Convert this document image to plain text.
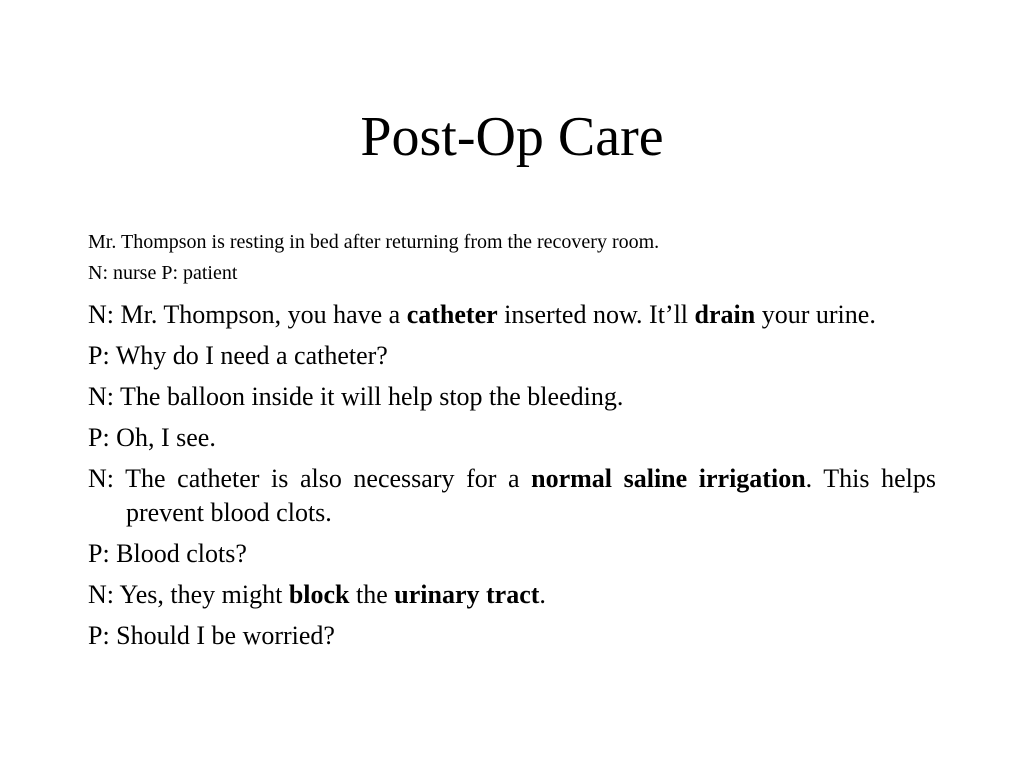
Post-Op Care

Mr. Thompson is resting in bed after returning from the recovery room.

N: nurse P: patient

N: Mr. Thompson, you have a catheter inserted now. It’ll drain your urine.

P: Why do I need a catheter?

N: The balloon inside it will help stop the bleeding.

P: Oh, I see.

N: The catheter is also necessary for a normal saline irrigation. This helps prevent blood clots.

P: Blood clots?

N: Yes, they might block the urinary tract.

P: Should I be worried?
